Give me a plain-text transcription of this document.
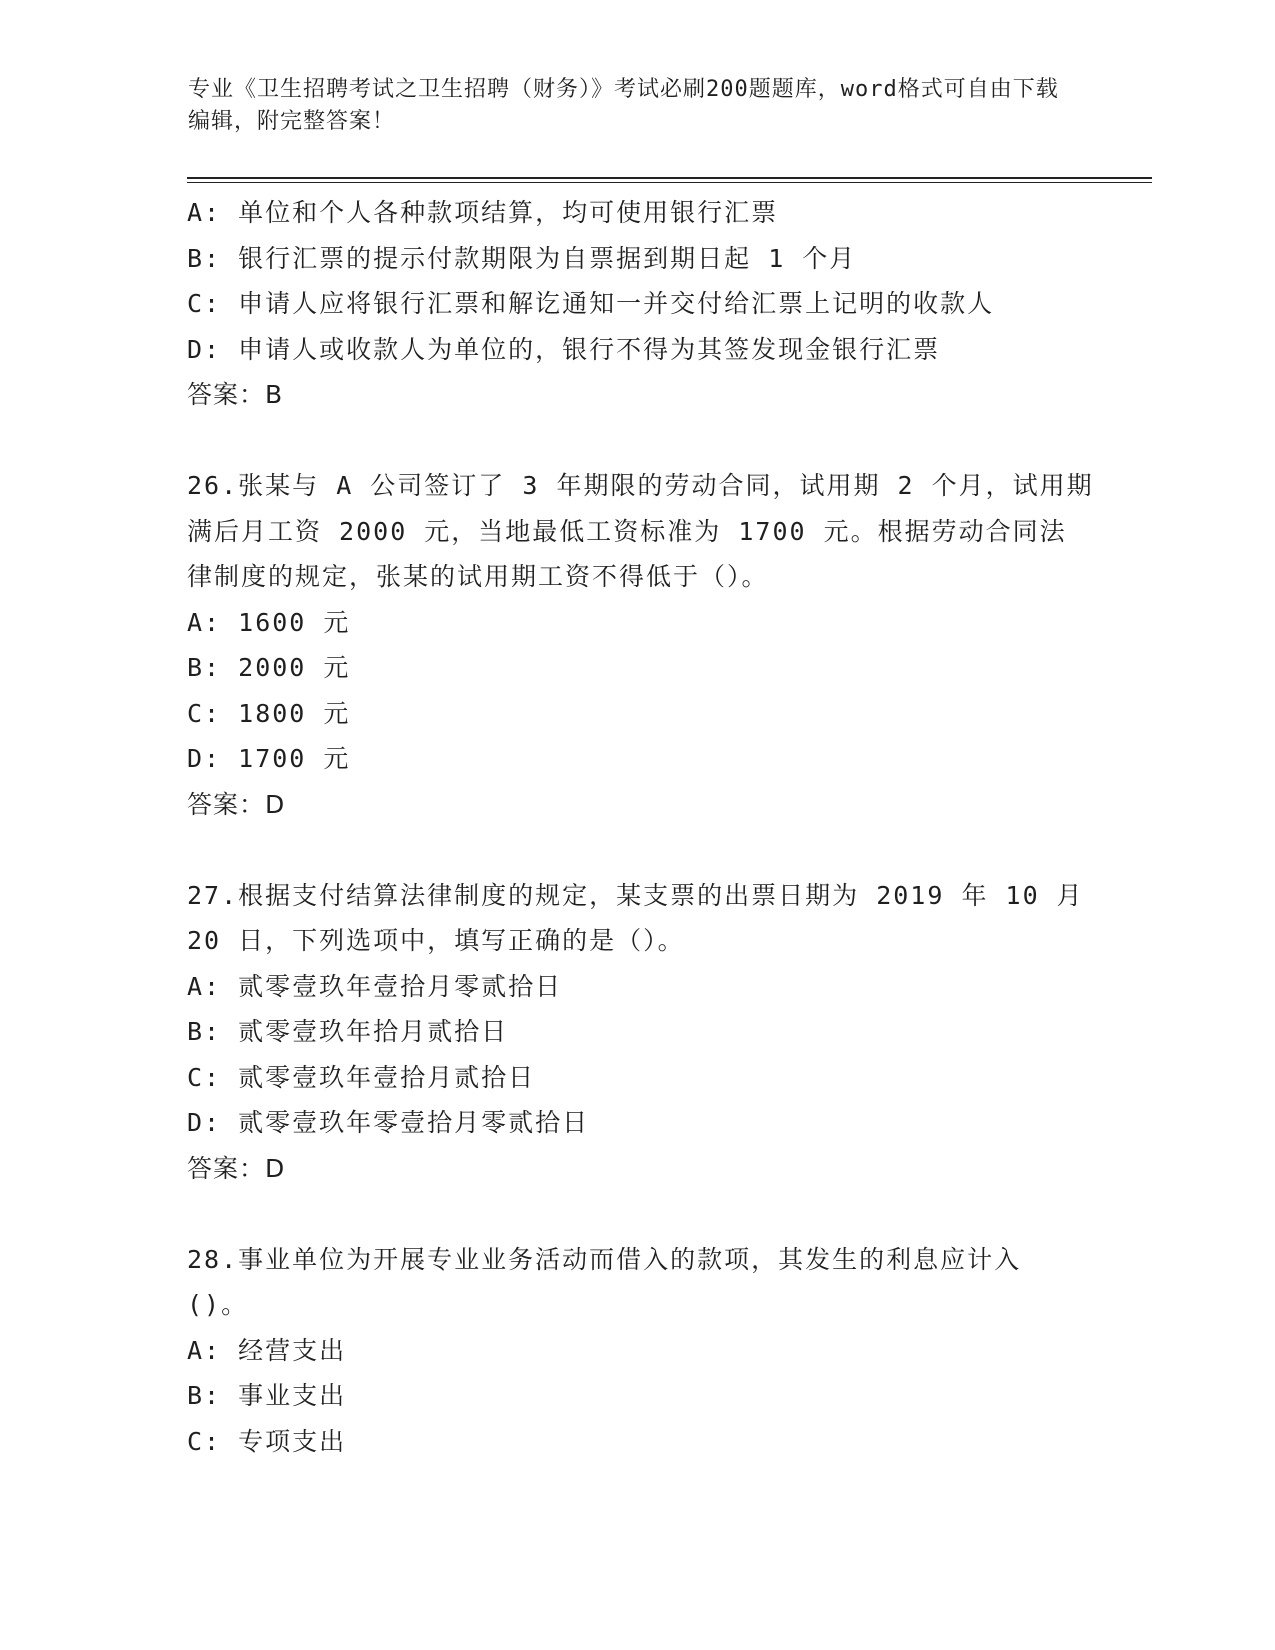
专业《卫生招聘考试之卫生招聘（财务）》考试必刷200题题库，word格式可自由下载编辑，附完整答案！
A: 单位和个人各种款项结算，均可使用银行汇票
B: 银行汇票的提示付款期限为自票据到期日起 1 个月
C: 申请人应将银行汇票和解讫通知一并交付给汇票上记明的收款人
D: 申请人或收款人为单位的，银行不得为其签发现金银行汇票
答案：B
26.张某与 A 公司签订了 3 年期限的劳动合同，试用期 2 个月，试用期
满后月工资 2000 元，当地最低工资标准为 1700 元。根据劳动合同法
律制度的规定，张某的试用期工资不得低于（）。
A: 1600 元
B: 2000 元
C: 1800 元
D: 1700 元
答案：D
27.根据支付结算法律制度的规定，某支票的出票日期为 2019 年 10 月
20 日，下列选项中，填写正确的是（）。
A: 贰零壹玖年壹拾月零贰拾日
B: 贰零壹玖年拾月贰拾日
C: 贰零壹玖年壹拾月贰拾日
D: 贰零壹玖年零壹拾月零贰拾日
答案：D
28.事业单位为开展专业业务活动而借入的款项，其发生的利息应计入
()。
A: 经营支出
B: 事业支出
C: 专项支出
